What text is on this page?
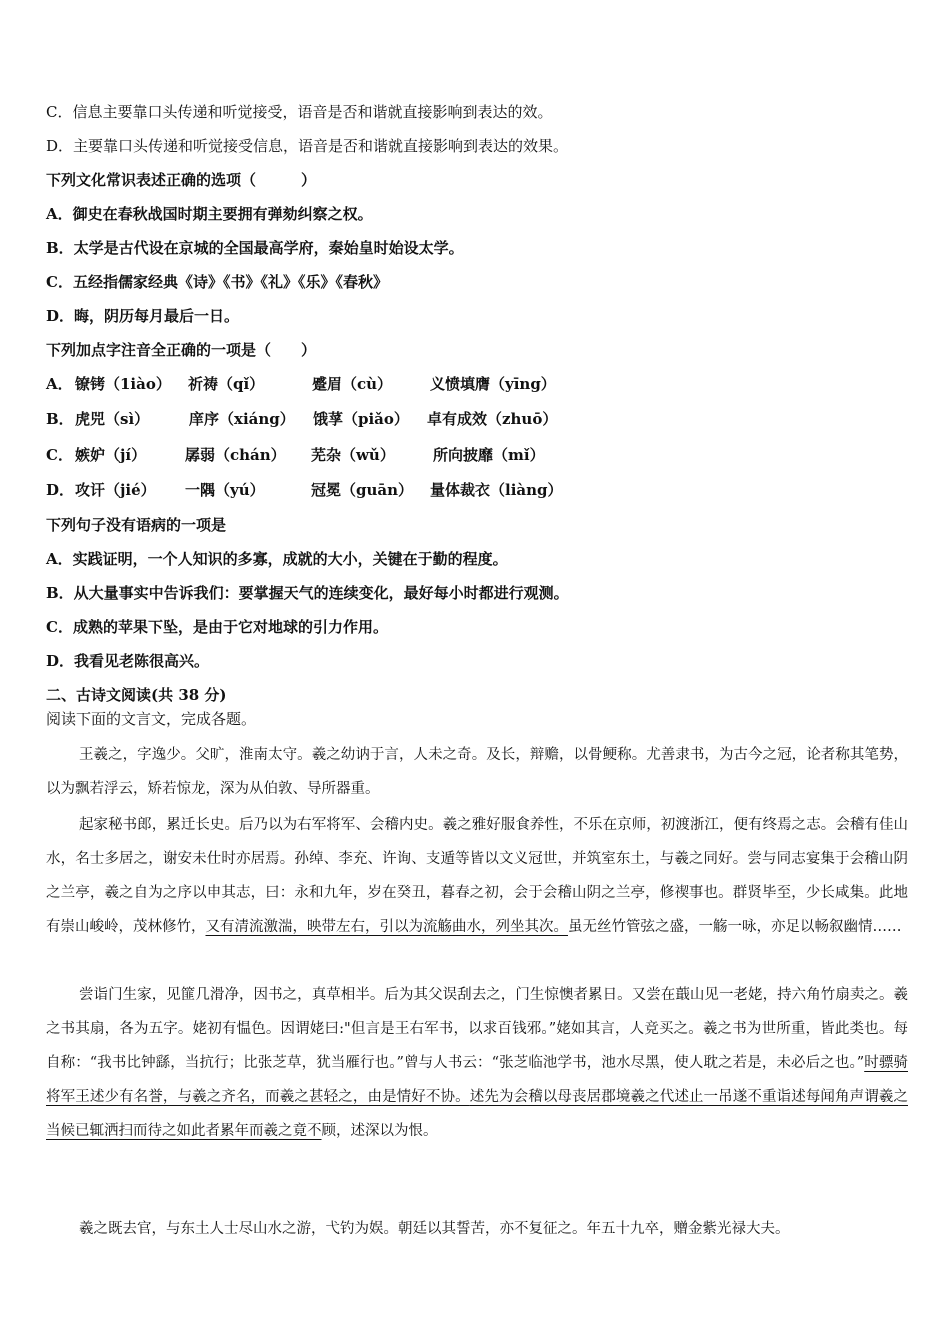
C．信息主要靠口头传递和听觉接受，语音是否和谐就直接影响到表达的效。
D．主要靠口头传递和听觉接受信息，语音是否和谐就直接影响到表达的效果。
下列文化常识表述正确的选项（　　　）
A．御史在春秋战国时期主要拥有弹劾纠察之权。
B．太学是古代设在京城的全国最高学府，秦始皇时始设太学。
C．五经指儒家经典《诗》《书》《礼》《乐》《春秋》
D．晦，阴历每月最后一日。
下列加点字注音全正确的一项是（　　）
A． 镣铐（1iào） 祈祷（qǐ）	蹙眉（cù）	义愤填膺（yīng）
B．虎兕（sì）	庠序（xiáng） 饿莩（piǎo） 卓有成效（zhuō）
C． 嫉妒（jí）	孱弱（chán） 芜杂（wǔ）	所向披靡（mǐ）
D．攻讦（jié） 一隅（yú）	冠冕（guān） 量体裁衣（liàng）
下列句子没有语病的一项是
A．实践证明，一个人知识的多寡，成就的大小，关键在于勤的程度。
B．从大量事实中告诉我们：要掌握天气的连续变化，最好每小时都进行观测。
C．成熟的苹果下坠，是由于它对地球的引力作用。
D．我看见老陈很高兴。
二、古诗文阅读(共 38 分)
阅读下面的文言文，完成各题。
王羲之，字逸少。父旷，淮南太守。羲之幼讷于言，人未之奇。及长，辩赡，以骨鲠称。尤善隶书，为古今之冠，论者称其笔势，以为飘若浮云，矫若惊龙，深为从伯敦、导所器重。
起家秘书郎，累迁长史。后乃以为右军将军、会稽内史。羲之雅好服食养性，不乐在京师，初渡浙江，便有终焉之志。会稽有佳山水，名士多居之，谢安未仕时亦居焉。孙绰、李充、许询、支遁等皆以文义冠世，并筑室东土，与羲之同好。尝与同志宴集于会稽山阴之兰亭，羲之自为之序以申其志，曰：永和九年，岁在癸丑，暮春之初，会于会稽山阴之兰亭，修禊事也。群贤毕至，少长咸集。此地有崇山峻岭，茂林修竹，又有清流激湍，映带左右，引以为流觞曲水，列坐其次。虽无丝竹管弦之盛，一觞一咏，亦足以畅叙幽情……
尝诣门生家，见篚几滑净，因书之，真草相半。后为其父误刮去之，门生惊懊者累日。又尝在蕺山见一老姥，持六角竹扇卖之。羲之书其扇，各为五字。姥初有愠色。因谓姥曰:"但言是王右军书，以求百钱邪。”姥如其言，人竞买之。羲之书为世所重，皆此类也。每自称：“我书比钟繇，当抗行；比张芝草，犹当雁行也。”曾与人书云：“张芝临池学书，池水尽黑，使人耽之若是，未必后之也。”时骠骑将军王述少有名誉，与羲之齐名，而羲之甚轻之，由是情好不协。述先为会稽以母丧居郡境羲之代述止一吊遂不重诣述每闻角声谓羲之当候已辄洒扫而待之如此者累年而羲之竟不顾，述深以为恨。
羲之既去官，与东土人士尽山水之游，弋钓为娱。朝廷以其誓苦，亦不复征之。年五十九卒，赠金紫光禄大夫。
